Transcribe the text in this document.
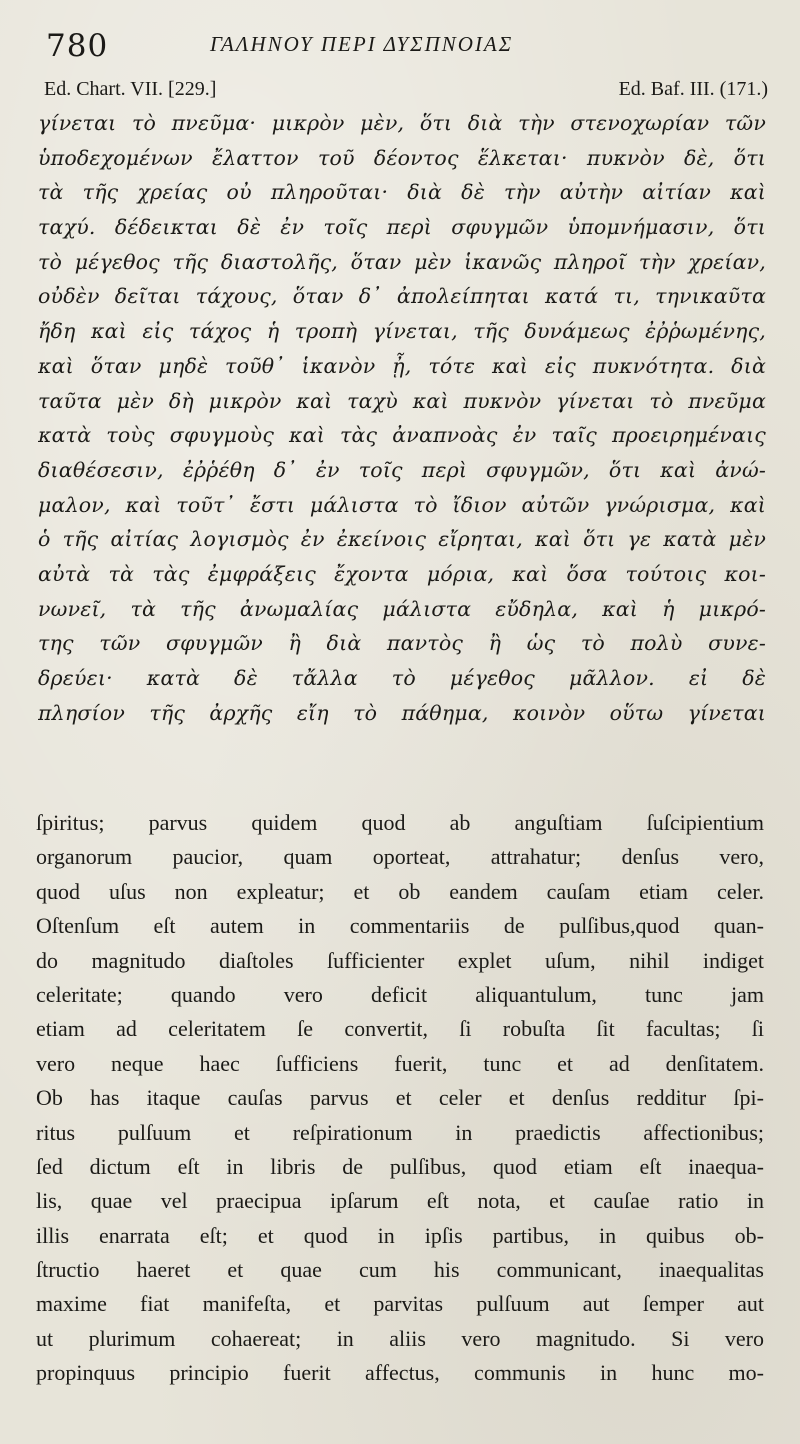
780	ΓΑΛΗΝΟΥ ΠΕΡΙ ΔΥΣΠΝΟΙΑΣ
Ed. Chart. VII. [229.]	Ed. Baf. III. (171.)
γίνεται τὸ πνεῦμα· μικρὸν μὲν, ὅτι διὰ τὴν στενοχωρίαν τῶν
ὑποδεχομένων ἔλαττον τοῦ δέοντος ἕλκεται· πυκνὸν δὲ, ὅτι
τὰ τῆς χρείας οὐ πληροῦται· διὰ δὲ τὴν αὐτὴν αἰτίαν καὶ
ταχύ. δέδεικται δὲ ἐν τοῖς περὶ σφυγμῶν ὑπομνήμασιν, ὅτι
τὸ μέγεθος τῆς διαστολῆς, ὅταν μὲν ἱκανῶς πληροῖ τὴν χρείαν,
οὐδὲν δεῖται τάχους, ὅταν δ᾽ ἀπολείπηται κατά τι, τηνικαῦτα
ἤδη καὶ εἰς τάχος ἡ τροπὴ γίνεται, τῆς δυνάμεως ἐῤῥωμένης,
καὶ ὅταν μηδὲ τοῦθ᾽ ἱκανὸν ᾖ, τότε καὶ εἰς πυκνότητα. διὰ
ταῦτα μὲν δὴ μικρὸν καὶ ταχὺ καὶ πυκνὸν γίνεται τὸ πνεῦμα
κατὰ τοὺς σφυγμοὺς καὶ τὰς ἀναπνοὰς ἐν ταῖς προειρημέναις
διαθέσεσιν, ἐῤῥέθη δ᾽ ἐν τοῖς περὶ σφυγμῶν, ὅτι καὶ ἀνώ-
μαλον, καὶ τοῦτ᾽ ἔστι μάλιστα τὸ ἴδιον αὐτῶν γνώρισμα, καὶ
ὁ τῆς αἰτίας λογισμὸς ἐν ἐκείνοις εἴρηται, καὶ ὅτι γε κατὰ μὲν
αὐτὰ τὰ τὰς ἐμφράξεις ἔχοντα μόρια, καὶ ὅσα τούτοις κοι-
νωνεῖ, τὰ τῆς ἀνωμαλίας μάλιστα εὔδηλα, καὶ ἡ μικρό-
της τῶν σφυγμῶν ἢ διὰ παντὸς ἢ ὡς τὸ πολὺ συνε-
δρεύει· κατὰ δὲ τἄλλα τὸ μέγεθος μᾶλλον. εἰ δὲ
πλησίον τῆς ἀρχῆς εἴη τὸ πάθημα, κοινὸν οὕτω γίνεται
ſpiritus; parvus quidem quod ab anguſtiam ſuſcipientium
organorum paucior, quam oporteat, attrahatur; denſus vero,
quod uſus non expleatur; et ob eandem cauſam etiam celer.
Oſtenſum eſt autem in commentariis de pulſibus,quod quan-
do magnitudo diaſtoles ſufficienter explet uſum, nihil indiget
celeritate; quando vero deficit aliquantulum, tunc jam
etiam ad celeritatem ſe convertit, ſi robuſta ſit facultas; ſi
vero neque haec ſufficiens fuerit, tunc et ad denſitatem.
Ob has itaque cauſas parvus et celer et denſus redditur ſpi-
ritus pulſuum et reſpirationum in praedictis affectionibus;
ſed dictum eſt in libris de pulſibus, quod etiam eſt inaequa-
lis, quae vel praecipua ipſarum eſt nota, et cauſae ratio in
illis enarrata eſt; et quod in ipſis partibus, in quibus ob-
ſtructio haeret et quae cum his communicant, inaequalitas
maxime fiat manifeſta, et parvitas pulſuum aut ſemper aut
ut plurimum cohaereat; in aliis vero magnitudo. Si vero
propinquus principio fuerit affectus, communis in hunc mo-
